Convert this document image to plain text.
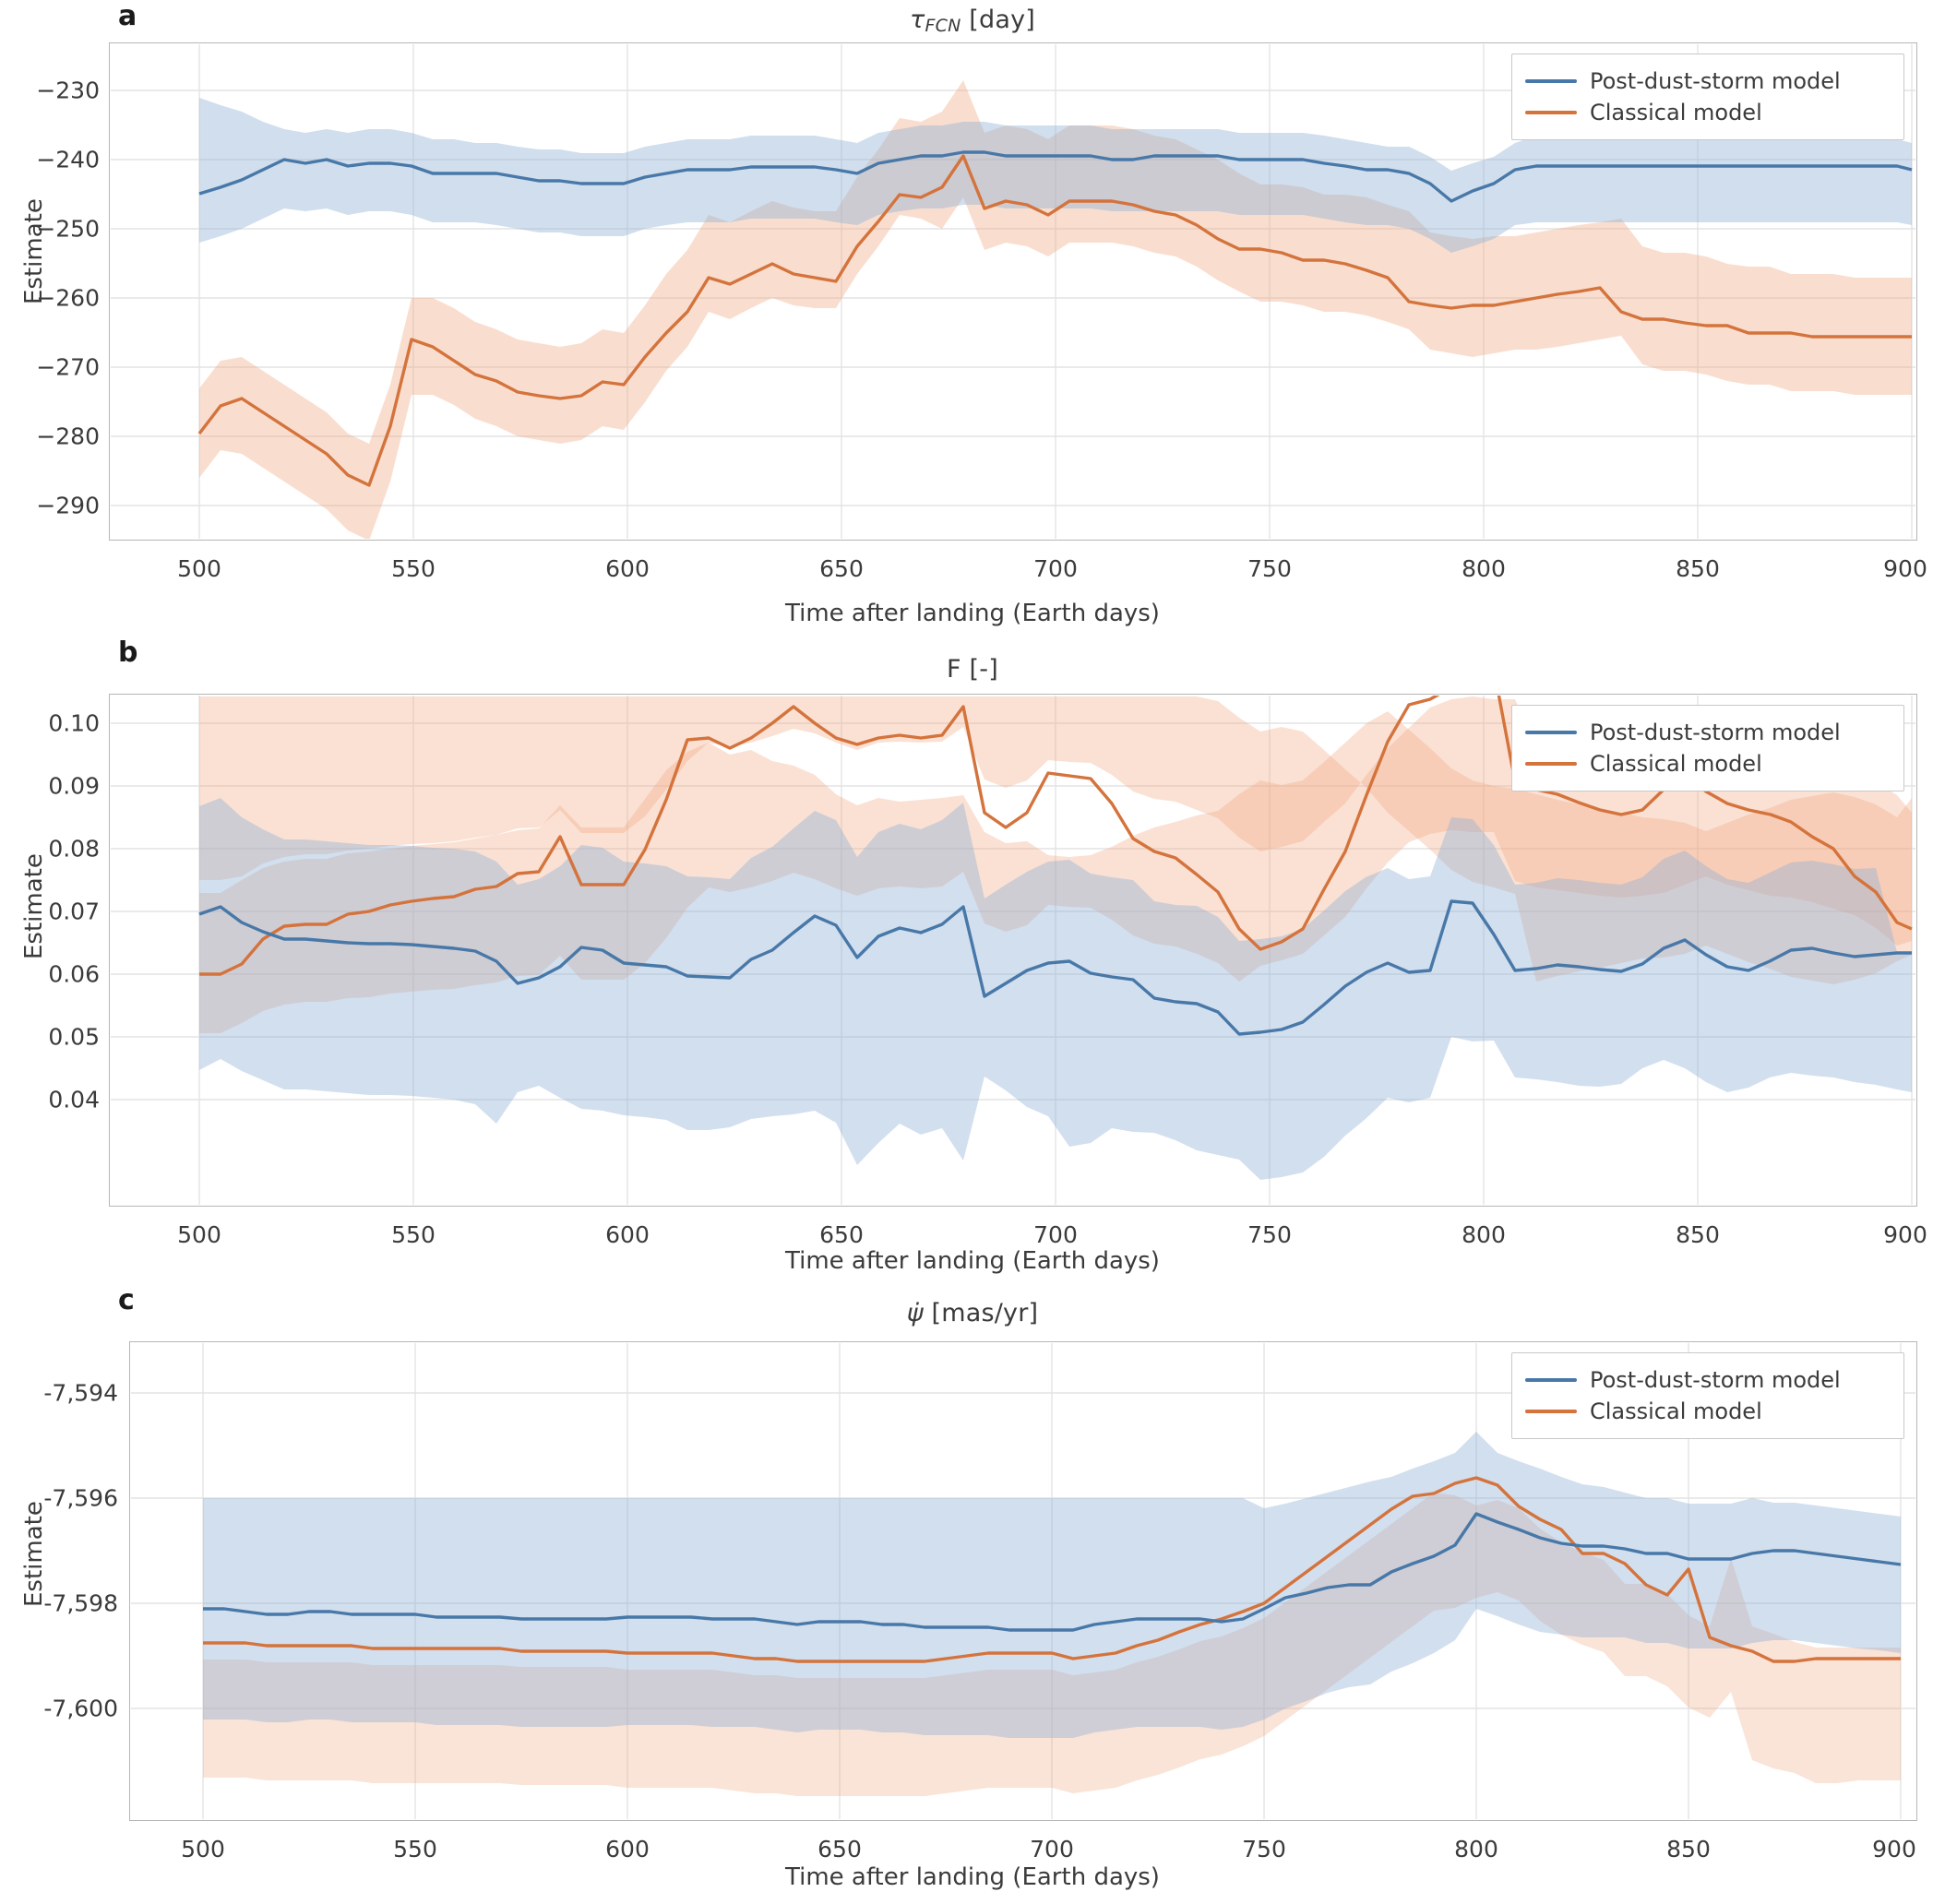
a	$\tau_{FCN}$ [day]
Estimate
Post-dust-storm model
Classical model
−230
−240
−250
−260
−270
−280
−290
500	550	600	650	700	750	800	850	900
Time after landing (Earth days)
b
F [-]
Estimate
Post-dust-storm model
Classical model
0.10
0.09
0.08
0.07
0.06
0.05
0.04
500	550	600	650	700	750	800	850	900
Time after landing (Earth days)
c	ψ̇ [mas/yr]
Estimate
Post-dust-storm model
Classical model
-7,594
-7,596
-7,598
-7,600
500	550	600	650	700	750	800	850	900
Time after landing (Earth days)
